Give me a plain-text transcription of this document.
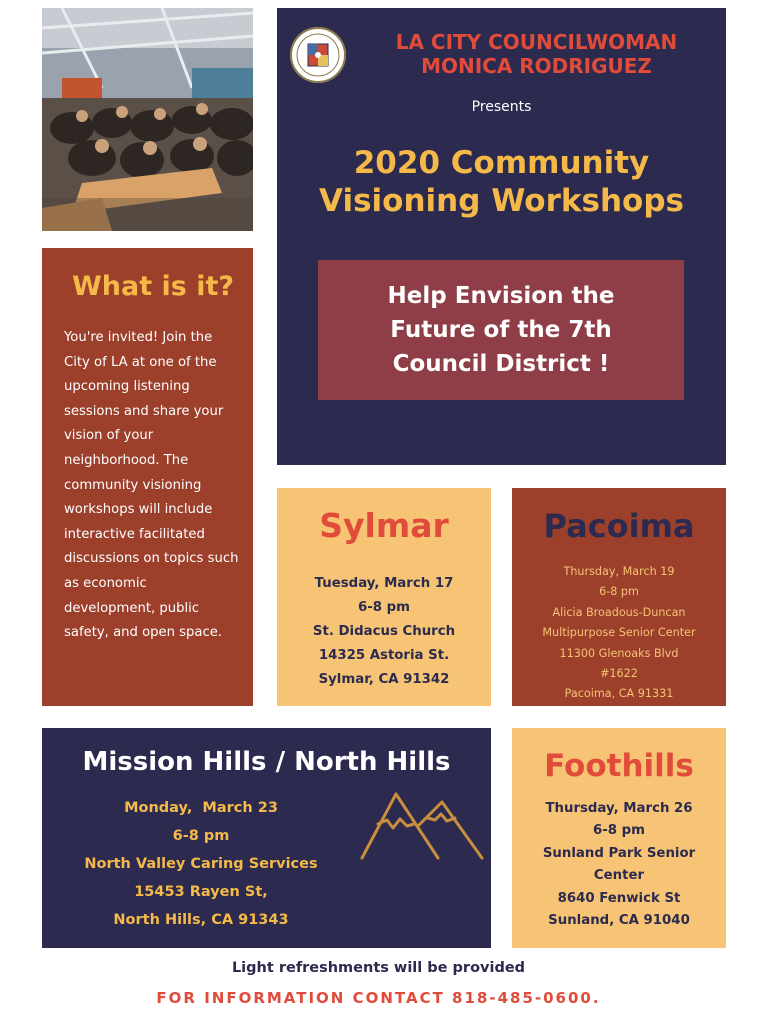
LA CITY COUNCILWOMAN
MONICA RODRIGUEZ
Presents
2020 Community
Visioning Workshops
Help Envision the
Future of the 7th
Council District !
What is it?
You're invited! Join the City of LA at one of the upcoming listening sessions and share your vision of your neighborhood. The community visioning workshops will include interactive facilitated discussions on topics such as economic development, public safety, and open space.
Sylmar
Tuesday, March 17
6-8 pm
St. Didacus Church
14325 Astoria St.
Sylmar, CA 91342
Pacoima
Thursday, March 19
6-8 pm
Alicia Broadous-Duncan
Multipurpose Senior Center
11300 Glenoaks Blvd
#1622
Pacoima, CA 91331
Mission Hills / North Hills
Monday,  March 23
6-8 pm
North Valley Caring Services
15453 Rayen St,
North Hills, CA 91343
Foothills
Thursday, March 26
6-8 pm
Sunland Park Senior
Center
8640 Fenwick St
Sunland, CA 91040
Light refreshments will be provided
FOR INFORMATION CONTACT 818-485-0600.
